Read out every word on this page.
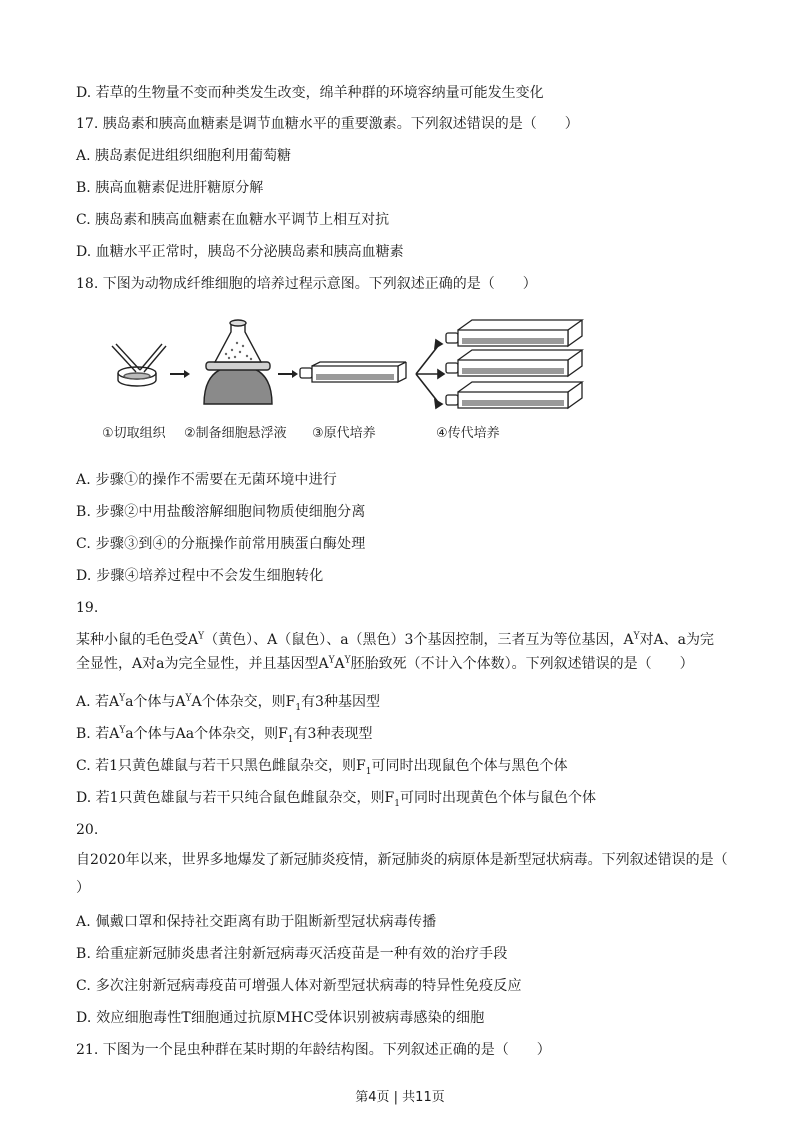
D. 若草的生物量不变而种类发生改变，绵羊种群的环境容纳量可能发生变化
17. 胰岛素和胰高血糖素是调节血糖水平的重要激素。下列叙述错误的是（　　）
A. 胰岛素促进组织细胞利用葡萄糖
B. 胰高血糖素促进肝糖原分解
C. 胰岛素和胰高血糖素在血糖水平调节上相互对抗
D. 血糖水平正常时，胰岛不分泌胰岛素和胰高血糖素
18. 下图为动物成纤维细胞的培养过程示意图。下列叙述正确的是（　　）
①切取组织 ②制备细胞悬浮液 ③原代培养	④传代培养
A. 步骤①的操作不需要在无菌环境中进行
B. 步骤②中用盐酸溶解细胞间物质使细胞分离
C. 步骤③到④的分瓶操作前常用胰蛋白酶处理
D. 步骤④培养过程中不会发生细胞转化
19.
某种小鼠的毛色受$A^Y$（黄色）、A（鼠色）、a（黑色）3个基因控制，三者互为等位基因，$A^Y$对A、a为完全显性，A对a为完全显性，并且基因型$A^YA^Y$胚胎致死（不计入个体数）。下列叙述错误的是（　　）
A. 若$A^Ya$个体与$A^YA$个体杂交，则$F_1$有3种基因型
B. 若$A^Ya$个体与Aa个体杂交，则$F_1$有3种表现型
C. 若1只黄色雄鼠与若干只黑色雌鼠杂交，则$F_1$可同时出现鼠色个体与黑色个体
D. 若1只黄色雄鼠与若干只纯合鼠色雌鼠杂交，则$F_1$可同时出现黄色个体与鼠色个体
20.
自2020年以来，世界多地爆发了新冠肺炎疫情，新冠肺炎的病原体是新型冠状病毒。下列叙述错误的是（
）
A. 佩戴口罩和保持社交距离有助于阻断新型冠状病毒传播
B. 给重症新冠肺炎患者注射新冠病毒灭活疫苗是一种有效的治疗手段
C. 多次注射新冠病毒疫苗可增强人体对新型冠状病毒的特异性免疫反应
D. 效应细胞毒性T细胞通过抗原MHC受体识别被病毒感染的细胞
21. 下图为一个昆虫种群在某时期的年龄结构图。下列叙述正确的是（　　）
第4页 | 共11页
